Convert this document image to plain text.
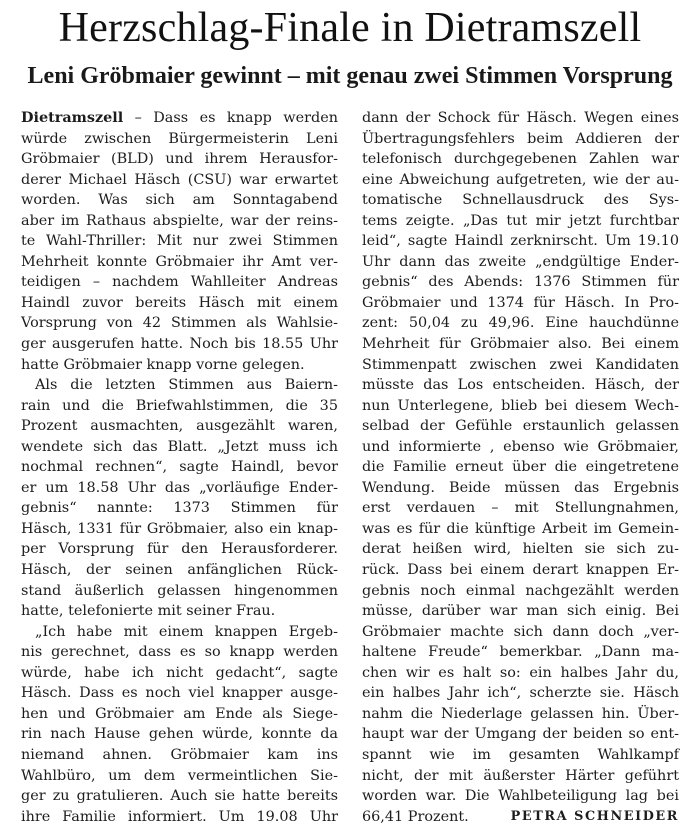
Herzschlag-Finale in Dietramszell
Leni Gröbmaier gewinnt – mit genau zwei Stimmen Vorsprung

Dietramszell – Dass es knapp werden
würde zwischen Bürgermeisterin Leni
Gröbmaier (BLD) und ihrem Herausfor-
derer Michael Häsch (CSU) war erwartet
worden. Was sich am Sonntagabend
aber im Rathaus abspielte, war der reins-
te Wahl-Thriller: Mit nur zwei Stimmen
Mehrheit konnte Gröbmaier ihr Amt ver-
teidigen – nachdem Wahlleiter Andreas
Haindl zuvor bereits Häsch mit einem
Vorsprung von 42 Stimmen als Wahlsie-
ger ausgerufen hatte. Noch bis 18.55 Uhr
hatte Gröbmaier knapp vorne gelegen.

Als die letzten Stimmen aus Baiern-
rain und die Briefwahlstimmen, die 35
Prozent ausmachten, ausgezählt waren,
wendete sich das Blatt. „Jetzt muss ich
nochmal rechnen“, sagte Haindl, bevor
er um 18.58 Uhr das „vorläufige Ender-
gebnis“ nannte: 1373 Stimmen für
Häsch, 1331 für Gröbmaier, also ein knap-
per Vorsprung für den Herausforderer.
Häsch, der seinen anfänglichen Rück-
stand äußerlich gelassen hingenommen
hatte, telefonierte mit seiner Frau.

„Ich habe mit einem knappen Ergeb-
nis gerechnet, dass es so knapp werden
würde, habe ich nicht gedacht“, sagte
Häsch. Dass es noch viel knapper ausge-
hen und Gröbmaier am Ende als Siege-
rin nach Hause gehen würde, konnte da
niemand ahnen. Gröbmaier kam ins
Wahlbüro, um dem vermeintlichen Sie-
ger zu gratulieren. Auch sie hatte bereits
ihre Familie informiert. Um 19.08 Uhr

dann der Schock für Häsch. Wegen eines
Übertragungsfehlers beim Addieren der
telefonisch durchgegebenen Zahlen war
eine Abweichung aufgetreten, wie der au-
tomatische Schnellausdruck des Sys-
tems zeigte. „Das tut mir jetzt furchtbar
leid“, sagte Haindl zerknirscht. Um 19.10
Uhr dann das zweite „endgültige Ender-
gebnis“ des Abends: 1376 Stimmen für
Gröbmaier und 1374 für Häsch. In Pro-
zent: 50,04 zu 49,96. Eine hauchdünne
Mehrheit für Gröbmaier also. Bei einem
Stimmenpatt zwischen zwei Kandidaten
müsste das Los entscheiden. Häsch, der
nun Unterlegene, blieb bei diesem Wech-
selbad der Gefühle erstaunlich gelassen
und informierte , ebenso wie Gröbmaier,
die Familie erneut über die eingetretene
Wendung. Beide müssen das Ergebnis
erst verdauen – mit Stellungnahmen,
was es für die künftige Arbeit im Gemein-
derat heißen wird, hielten sie sich zu-
rück. Dass bei einem derart knappen Er-
gebnis noch einmal nachgezählt werden
müsse, darüber war man sich einig. Bei
Gröbmaier machte sich dann doch „ver-
haltene Freude“ bemerkbar. „Dann ma-
chen wir es halt so: ein halbes Jahr du,
ein halbes Jahr ich“, scherzte sie. Häsch
nahm die Niederlage gelassen hin. Über-
haupt war der Umgang der beiden so ent-
spannt wie im gesamten Wahlkampf
nicht, der mit äußerster Härter geführt
worden war. Die Wahlbeteiligung lag bei
66,41 Prozent.	PETRA SCHNEIDER
